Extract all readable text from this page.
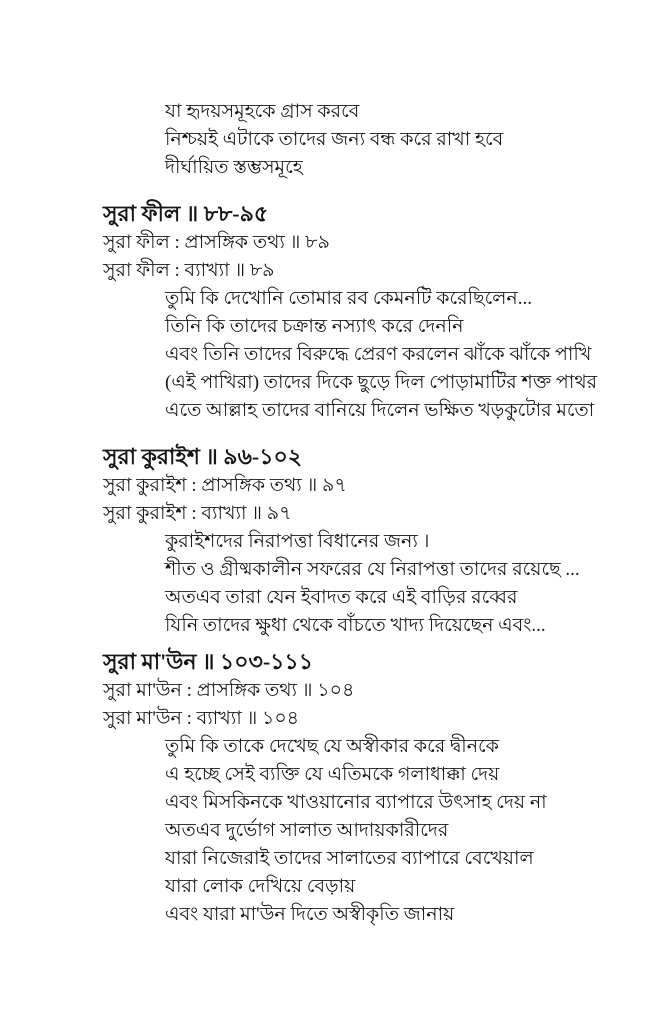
যা হৃদয়সমূহকে গ্রাস করবে
নিশ্চয়ই এটাকে তাদের জন্য বন্ধ করে রাখা হবে
দীর্ঘায়িত স্তম্ভসমূহে
সুরা ফীল ॥ ৮৮-৯৫
সুরা ফীল : প্রাসঙ্গিক তথ্য ॥ ৮৯
সুরা ফীল : ব্যাখ্যা ॥ ৮৯
তুমি কি দেখোনি তোমার রব কেমনটি করেছিলেন...
তিনি কি তাদের চক্রান্ত নস্যাৎ করে দেননি
এবং তিনি তাদের বিরুদ্ধে প্রেরণ করলেন ঝাঁকে ঝাঁকে পাখি
(এই পাখিরা) তাদের দিকে ছুড়ে দিল পোড়ামাটির শক্ত পাথর
এতে আল্লাহ তাদের বানিয়ে দিলেন ভক্ষিত খড়কুটোর মতো
সুরা কুরাইশ ॥ ৯৬-১০২
সুরা কুরাইশ : প্রাসঙ্গিক তথ্য ॥ ৯৭
সুরা কুরাইশ : ব্যাখ্যা ॥ ৯৭
কুরাইশদের নিরাপত্তা বিধানের জন্য ।
শীত ও গ্রীষ্মকালীন সফরের যে নিরাপত্তা তাদের রয়েছে ...
অতএব তারা যেন ইবাদত করে এই বাড়ির রব্বের
যিনি তাদের ক্ষুধা থেকে বাঁচতে খাদ্য দিয়েছেন এবং...
সুরা মা'উন ॥ ১০৩-১১১
সুরা মা'উন : প্রাসঙ্গিক তথ্য ॥ ১০৪
সুরা মা'উন : ব্যাখ্যা ॥ ১০৪
তুমি কি তাকে দেখেছ যে অস্বীকার করে দ্বীনকে
এ হচ্ছে সেই ব্যক্তি যে এতিমকে গলাধাক্কা দেয়
এবং মিসকিনকে খাওয়ানোর ব্যাপারে উৎসাহ দেয় না
অতএব দুর্ভোগ সালাত আদায়কারীদের
যারা নিজেরাই তাদের সালাতের ব্যাপারে বেখেয়াল
যারা লোক দেখিয়ে বেড়ায়
এবং যারা মা'উন দিতে অস্বীকৃতি জানায়
